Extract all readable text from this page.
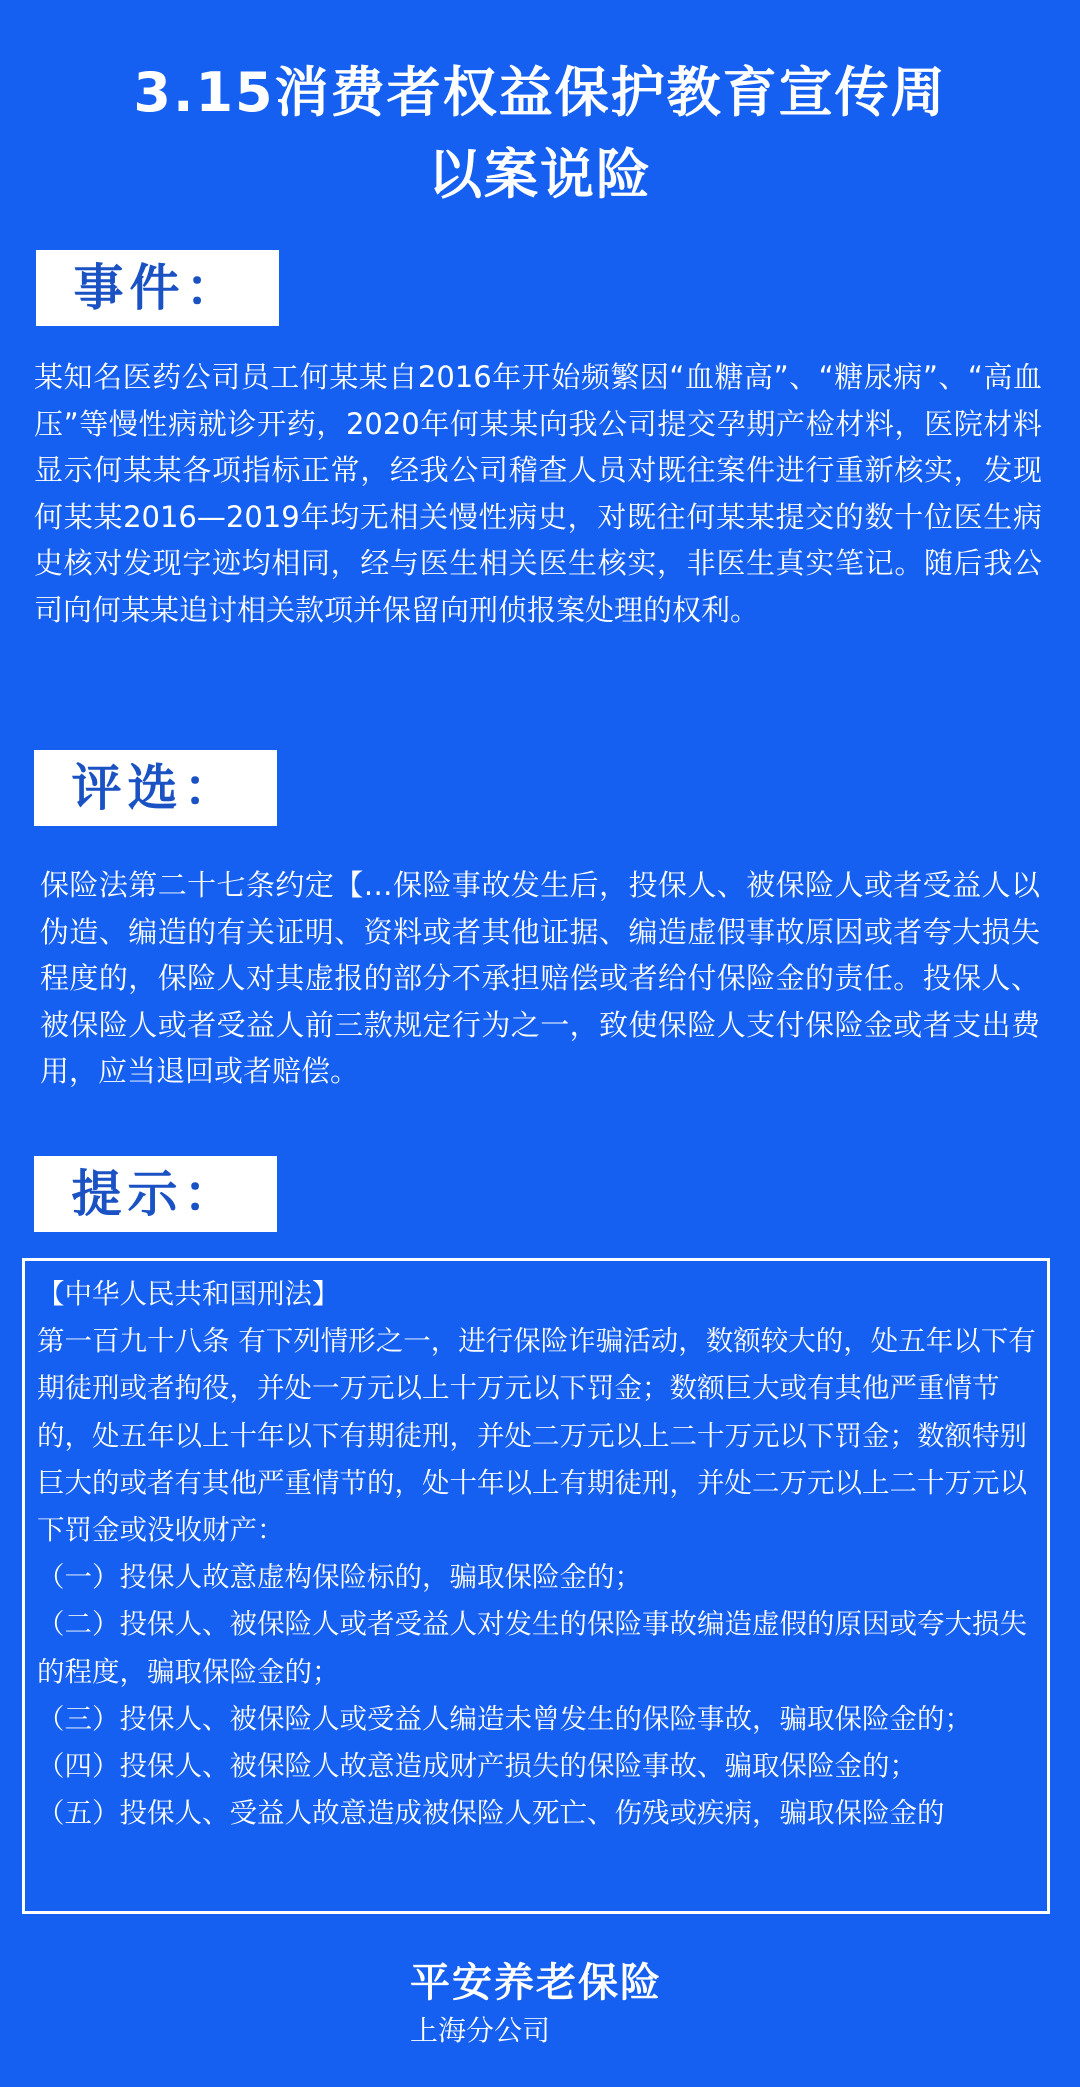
3.15消费者权益保护教育宣传周
以案说险
事件：

某知名医药公司员工何某某自2016年开始频繁因“血糖高”、“糖尿病”、“高血压”等慢性病就诊开药，2020年何某某向我公司提交孕期产检材料，医院材料显示何某某各项指标正常，经我公司稽查人员对既往案件进行重新核实，发现何某某2016—2019年均无相关慢性病史，对既往何某某提交的数十位医生病史核对发现字迹均相同，经与医生相关医生核实，非医生真实笔记。随后我公司向何某某追讨相关款项并保留向刑侦报案处理的权利。

评选：

保险法第二十七条约定【…保险事故发生后，投保人、被保险人或者受益人以伪造、编造的有关证明、资料或者其他证据、编造虚假事故原因或者夸大损失程度的，保险人对其虚报的部分不承担赔偿或者给付保险金的责任。投保人、被保险人或者受益人前三款规定行为之一，致使保险人支付保险金或者支出费用，应当退回或者赔偿。

提示：
【中华人民共和国刑法】
第一百九十八条 有下列情形之一，进行保险诈骗活动，数额较大的，处五年以下有期徒刑或者拘役，并处一万元以上十万元以下罚金；数额巨大或有其他严重情节的，处五年以上十年以下有期徒刑，并处二万元以上二十万元以下罚金；数额特别巨大的或者有其他严重情节的，处十年以上有期徒刑，并处二万元以上二十万元以下罚金或没收财产：
（一）投保人故意虚构保险标的，骗取保险金的；
（二）投保人、被保险人或者受益人对发生的保险事故编造虚假的原因或夸大损失的程度，骗取保险金的；
（三）投保人、被保险人或受益人编造未曾发生的保险事故，骗取保险金的；
（四）投保人、被保险人故意造成财产损失的保险事故、骗取保险金的；
（五）投保人、受益人故意造成被保险人死亡、伤残或疾病，骗取保险金的
平安养老保险
上海分公司
